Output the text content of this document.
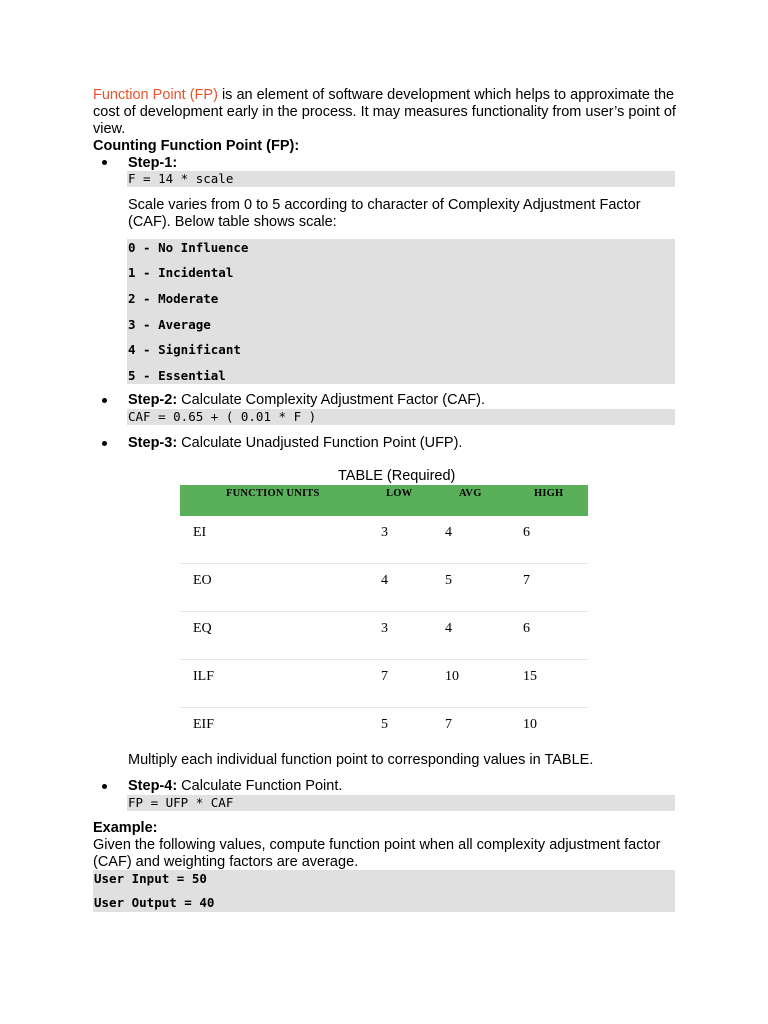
Function Point (FP) is an element of software development which helps to approximate the cost of development early in the process. It may measures functionality from user’s point of view.
Counting Function Point (FP):
Step-1:
F = 14 * scale
Scale varies from 0 to 5 according to character of Complexity Adjustment Factor (CAF). Below table shows scale:
0 - No Influence
1 - Incidental
2 - Moderate
3 - Average
4 - Significant
5 - Essential
Step-2: Calculate Complexity Adjustment Factor (CAF).
CAF = 0.65 + ( 0.01 * F )
Step-3: Calculate Unadjusted Function Point (UFP).
TABLE (Required)
FUNCTION UNITS	LOW	AVG	HIGH
EI	3	4	6
EO	4	5	7
EQ	3	4	6
ILF	7	10	15
EIF	5	7	10
Multiply each individual function point to corresponding values in TABLE.
Step-4: Calculate Function Point.
FP = UFP * CAF
Example:
Given the following values, compute function point when all complexity adjustment factor (CAF) and weighting factors are average.
User Input = 50
User Output = 40
